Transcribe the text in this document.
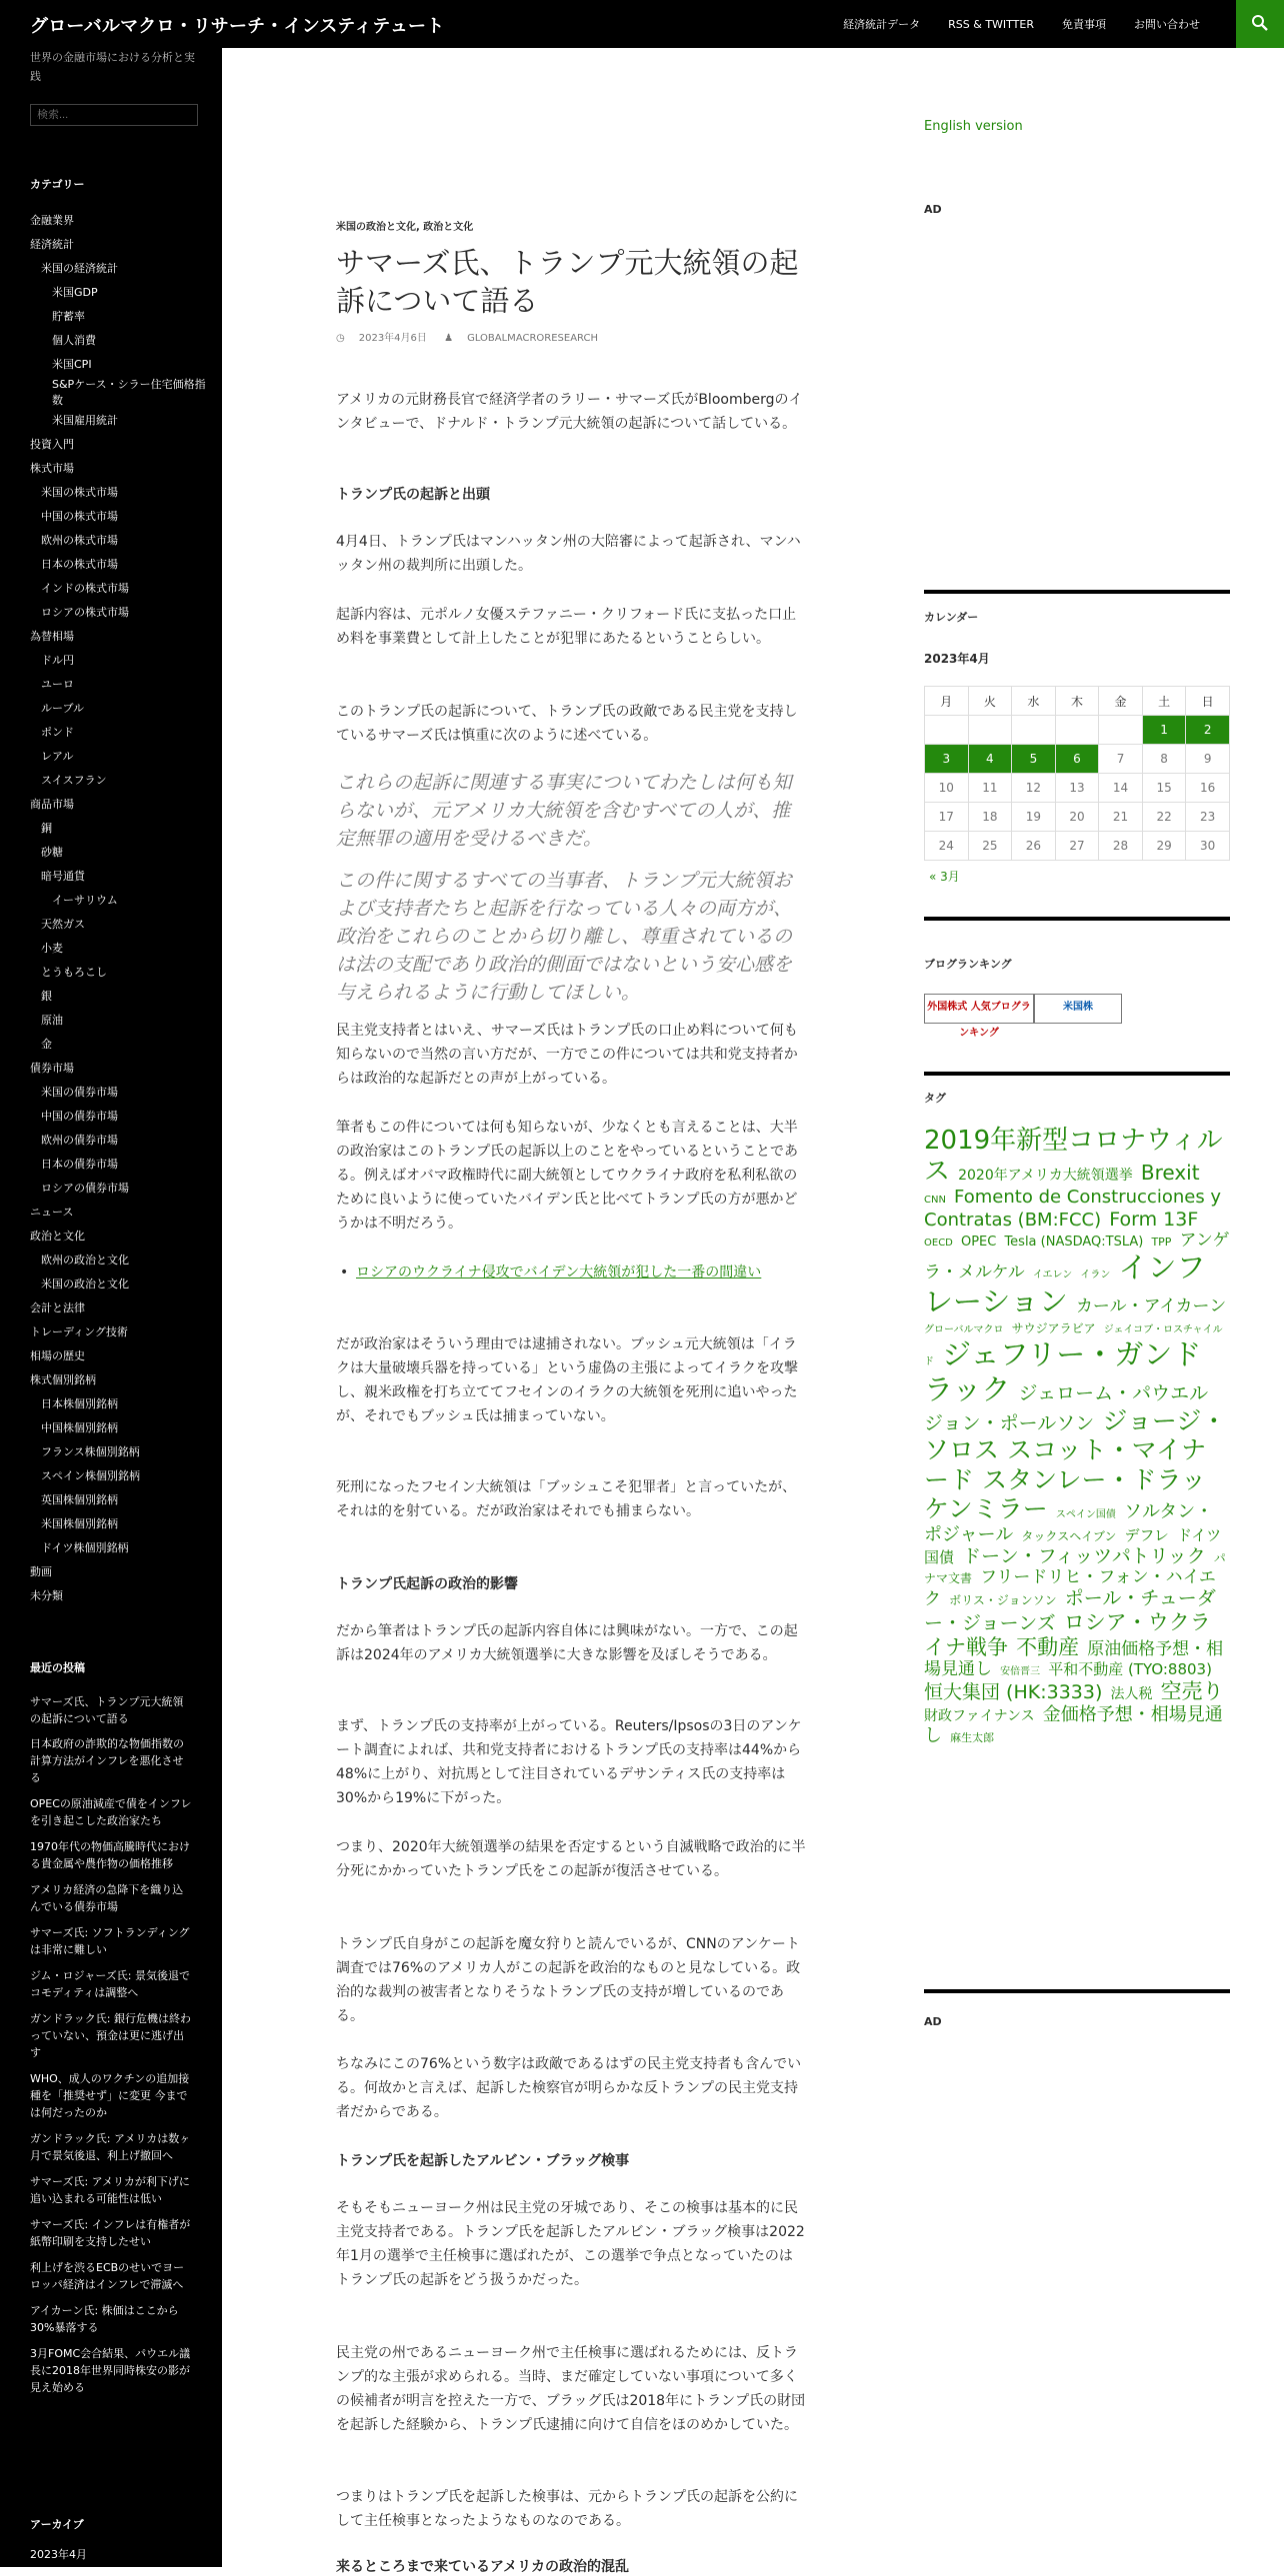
グローバルマクロ・リサーチ・インスティテュート	経済統計データ	RSS & TWITTER	免責事項	お問い合わせ
世界の金融市場における分析と実践
検索...
カテゴリー
金融業界
経済統計
米国の経済統計
米国GDP
貯蓄率
個人消費
米国CPI
S&Pケース・シラー住宅価格指数
米国雇用統計
投資入門
株式市場
米国の株式市場
中国の株式市場
欧州の株式市場
日本の株式市場
インドの株式市場
ロシアの株式市場
為替相場
ドル円
ユーロ
ルーブル
ポンド
レアル
スイスフラン
商品市場
銅
砂糖
暗号通貨
イーサリウム
天然ガス
小麦
とうもろこし
銀
原油
金
債券市場
米国の債券市場
中国の債券市場
欧州の債券市場
日本の債券市場
ロシアの債券市場
ニュース
政治と文化
欧州の政治と文化
米国の政治と文化
会計と法律
トレーディング技術
相場の歴史
株式個別銘柄
日本株個別銘柄
中国株個別銘柄
フランス株個別銘柄
スペイン株個別銘柄
英国株個別銘柄
米国株個別銘柄
ドイツ株個別銘柄
動画
未分類
最近の投稿
サマーズ氏、トランプ元大統領の起訴について語る
日本政府の詐欺的な物価指数の計算方法がインフレを悪化させる
OPECの原油減産で債をインフレを引き起こした政治家たち
1970年代の物価高騰時代における貴金属や農作物の価格推移
アメリカ経済の急降下を織り込んでいる債券市場
サマーズ氏: ソフトランディングは非常に難しい
ジム・ロジャーズ氏: 景気後退でコモディティは調整へ
ガンドラック氏: 銀行危機は終わっていない、預金は更に逃げ出す
WHO、成人のワクチンの追加接種を「推奨せず」に変更 今までは何だったのか
ガンドラック氏: アメリカは数ヶ月で景気後退、利上げ撤回へ
サマーズ氏: アメリカが利下げに追い込まれる可能性は低い
サマーズ氏: インフレは有権者が紙幣印刷を支持したせい
利上げを渋るECBのせいでヨーロッパ経済はインフレで滞滅へ
アイカーン氏: 株価はここから30%暴落する
3月FOMC会合結果、パウエル議長に2018年世界同時株安の影が見え始める
アーカイブ
2023年4月
米国の政治と文化, 政治と文化
サマーズ氏、トランプ元大統領の起訴について語る
◷ 2023年4月6日 ♟ GLOBALMACRORESEARCH

アメリカの元財務長官で経済学者のラリー・サマーズ氏がBloombergのインタビューで、ドナルド・トランプ元大統領の起訴について話している。

トランプ氏の起訴と出頭

4月4日、トランプ氏はマンハッタン州の大陪審によって起訴され、マンハッタン州の裁判所に出頭した。

起訴内容は、元ポルノ女優ステファニー・クリフォード氏に支払った口止め料を事業費として計上したことが犯罪にあたるということらしい。

このトランプ氏の起訴について、トランプ氏の政敵である民主党を支持しているサマーズ氏は慎重に次のように述べている。

これらの起訴に関連する事実についてわたしは何も知らないが、元アメリカ大統領を含むすべての人が、推定無罪の適用を受けるべきだ。

この件に関するすべての当事者、トランプ元大統領および支持者たちと起訴を行なっている人々の両方が、政治をこれらのことから切り離し、尊重されているのは法の支配であり政治的側面ではないという安心感を与えられるように行動してほしい。

民主党支持者とはいえ、サマーズ氏はトランプ氏の口止め料について何も知らないので当然の言い方だが、一方でこの件については共和党支持者からは政治的な起訴だとの声が上がっている。

筆者もこの件については何も知らないが、少なくとも言えることは、大半の政治家はこのトランプ氏の起訴以上のことをやっているということである。例えばオバマ政権時代に副大統領としてウクライナ政府を私利私欲のために良いように使っていたバイデン氏と比べてトランプ氏の方が悪かどうかは不明だろう。

• ロシアのウクライナ侵攻でバイデン大統領が犯した一番の間違い

だが政治家はそういう理由では逮捕されない。ブッシュ元大統領は「イラクは大量破壊兵器を持っている」という虚偽の主張によってイラクを攻撃し、親米政権を打ち立ててフセインのイラクの大統領を死刑に追いやったが、それでもブッシュ氏は捕まっていない。

死刑になったフセイン大統領は「ブッシュこそ犯罪者」と言っていたが、それは的を射ている。だが政治家はそれでも捕まらない。

トランプ氏起訴の政治的影響

だから筆者はトランプ氏の起訴内容自体には興味がない。一方で、この起訴は2024年のアメリカ大統領選挙に大きな影響を及ぼしそうである。

まず、トランプ氏の支持率が上がっている。Reuters/Ipsosの3日のアンケート調査によれば、共和党支持者におけるトランプ氏の支持率は44%から48%に上がり、対抗馬として注目されているデサンティス氏の支持率は30%から19%に下がった。

つまり、2020年大統領選挙の結果を否定するという自滅戦略で政治的に半分死にかかっていたトランプ氏をこの起訴が復活させている。

トランプ氏自身がこの起訴を魔女狩りと読んでいるが、CNNのアンケート調査では76%のアメリカ人がこの起訴を政治的なものと見なしている。政治的な裁判の被害者となりそうなトランプ氏の支持が増しているのである。

ちなみにこの76%という数字は政敵であるはずの民主党支持者も含んでいる。何故かと言えば、起訴した検察官が明らかな反トランプの民主党支持者だからである。

トランプ氏を起訴したアルビン・ブラッグ検事

そもそもニューヨーク州は民主党の牙城であり、そこの検事は基本的に民主党支持者である。トランプ氏を起訴したアルビン・ブラッグ検事は2022年1月の選挙で主任検事に選ばれたが、この選挙で争点となっていたのはトランプ氏の起訴をどう扱うかだった。

民主党の州であるニューヨーク州で主任検事に選ばれるためには、反トランプ的な主張が求められる。当時、まだ確定していない事項について多くの候補者が明言を控えた一方で、ブラッグ氏は2018年にトランプ氏の財団を起訴した経験から、トランプ氏逮捕に向けて自信をほのめかしていた。

つまりはトランプ氏を起訴した検事は、元からトランプ氏の起訴を公約にして主任検事となったようなものなのである。

来るところまで来ているアメリカの政治的混乱

English version
AD
カレンダー
2023年4月
月	火	水	木	金	土	日
					1	2
3	4	5	6	7	8	9
10	11	12	13	14	15	16
17	18	19	20	21	22	23
24	25	26	27	28	29	30
« 3月
ブログランキング
外国株式 人気ブログランキング
米国株
タグ
2019年新型コロナウィルス 2020年アメリカ大統領選挙 Brexit CNN Fomento de Construcciones y Contratas (BM:FCC) Form 13F OECD OPEC Tesla (NASDAQ:TSLA) TPP アンゲラ・メルケル イエレン イラン インフレーション カール・アイカーン グローバルマクロ サウジアラビア ジェイコブ・ロスチャイルド ジェフリー・ガンドラック ジェローム・パウエル ジョン・ポールソン ジョージ・ソロス スコット・マイナード スタンレー・ドラッケンミラー スペイン国債 ソルタン・ポジャール タックスヘイブン デフレ ドイツ国債 ドーン・フィッツパトリック パナマ文書 フリードリヒ・フォン・ハイエク ボリス・ジョンソン ポール・チューダー・ジョーンズ ロシア・ウクライナ戦争 不動産 原油価格予想・相場見通し 安倍晋三 平和不動産 (TYO:8803) 恒大集団 (HK:3333) 法人税 空売り 財政ファイナンス 金価格予想・相場見通し 麻生太郎
AD
